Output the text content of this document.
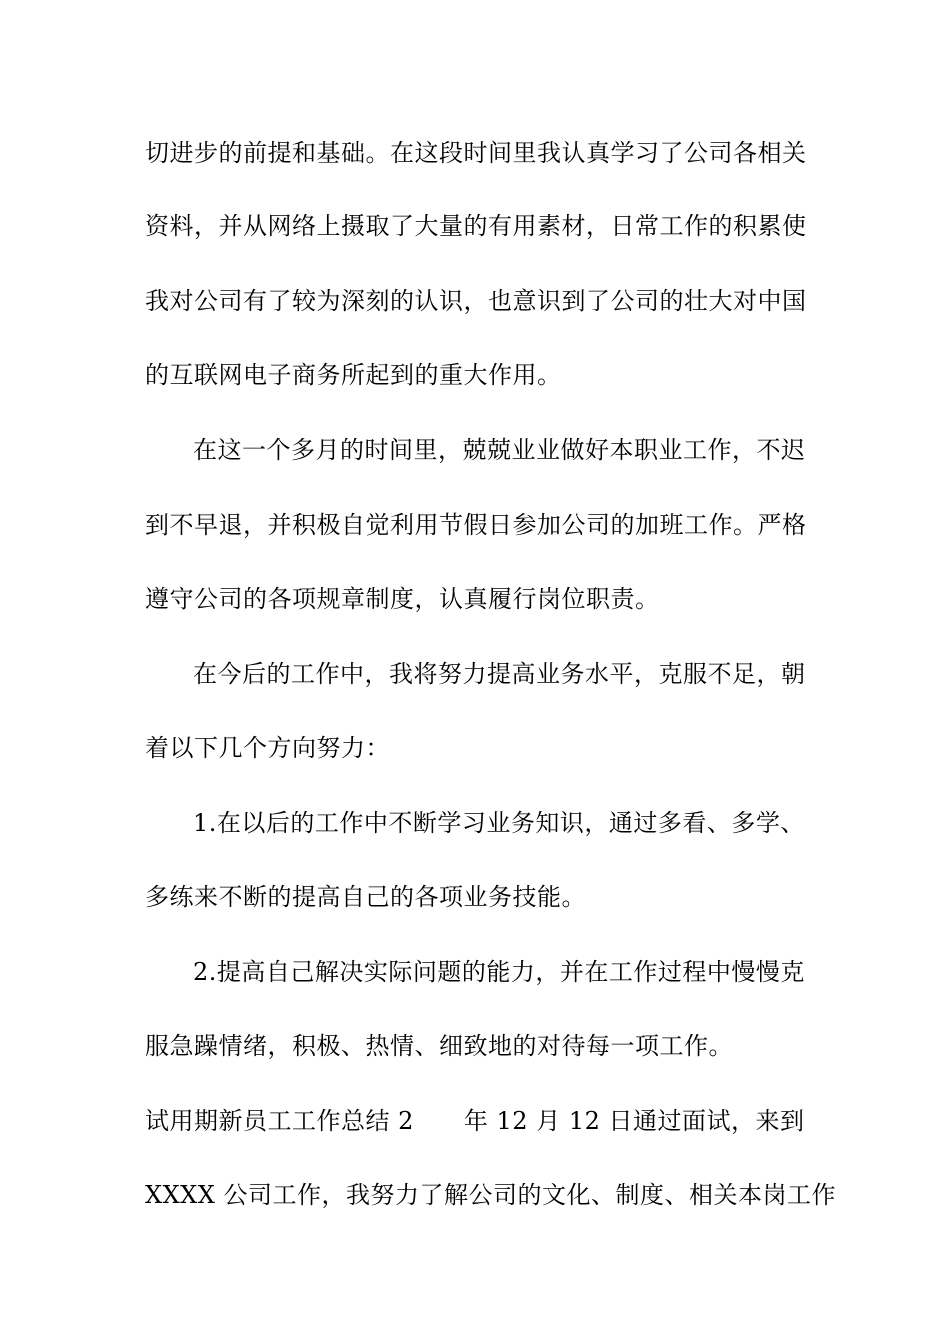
切进步的前提和基础。在这段时间里我认真学习了公司各相关
资料，并从网络上摄取了大量的有用素材，日常工作的积累使
我对公司有了较为深刻的认识，也意识到了公司的壮大对中国
的互联网电子商务所起到的重大作用。
在这一个多月的时间里，兢兢业业做好本职业工作，不迟
到不早退，并积极自觉利用节假日参加公司的加班工作。严格
遵守公司的各项规章制度，认真履行岗位职责。
在今后的工作中，我将努力提高业务水平，克服不足，朝
着以下几个方向努力：
1.在以后的工作中不断学习业务知识，通过多看、多学、
多练来不断的提高自己的各项业务技能。
2.提高自己解决实际问题的能力，并在工作过程中慢慢克
服急躁情绪，积极、热情、细致地的对待每一项工作。
试用期新员工工作总结 2 年 12 月 12 日通过面试，来到
XXXX 公司工作，我努力了解公司的文化、制度、相关本岗工作
